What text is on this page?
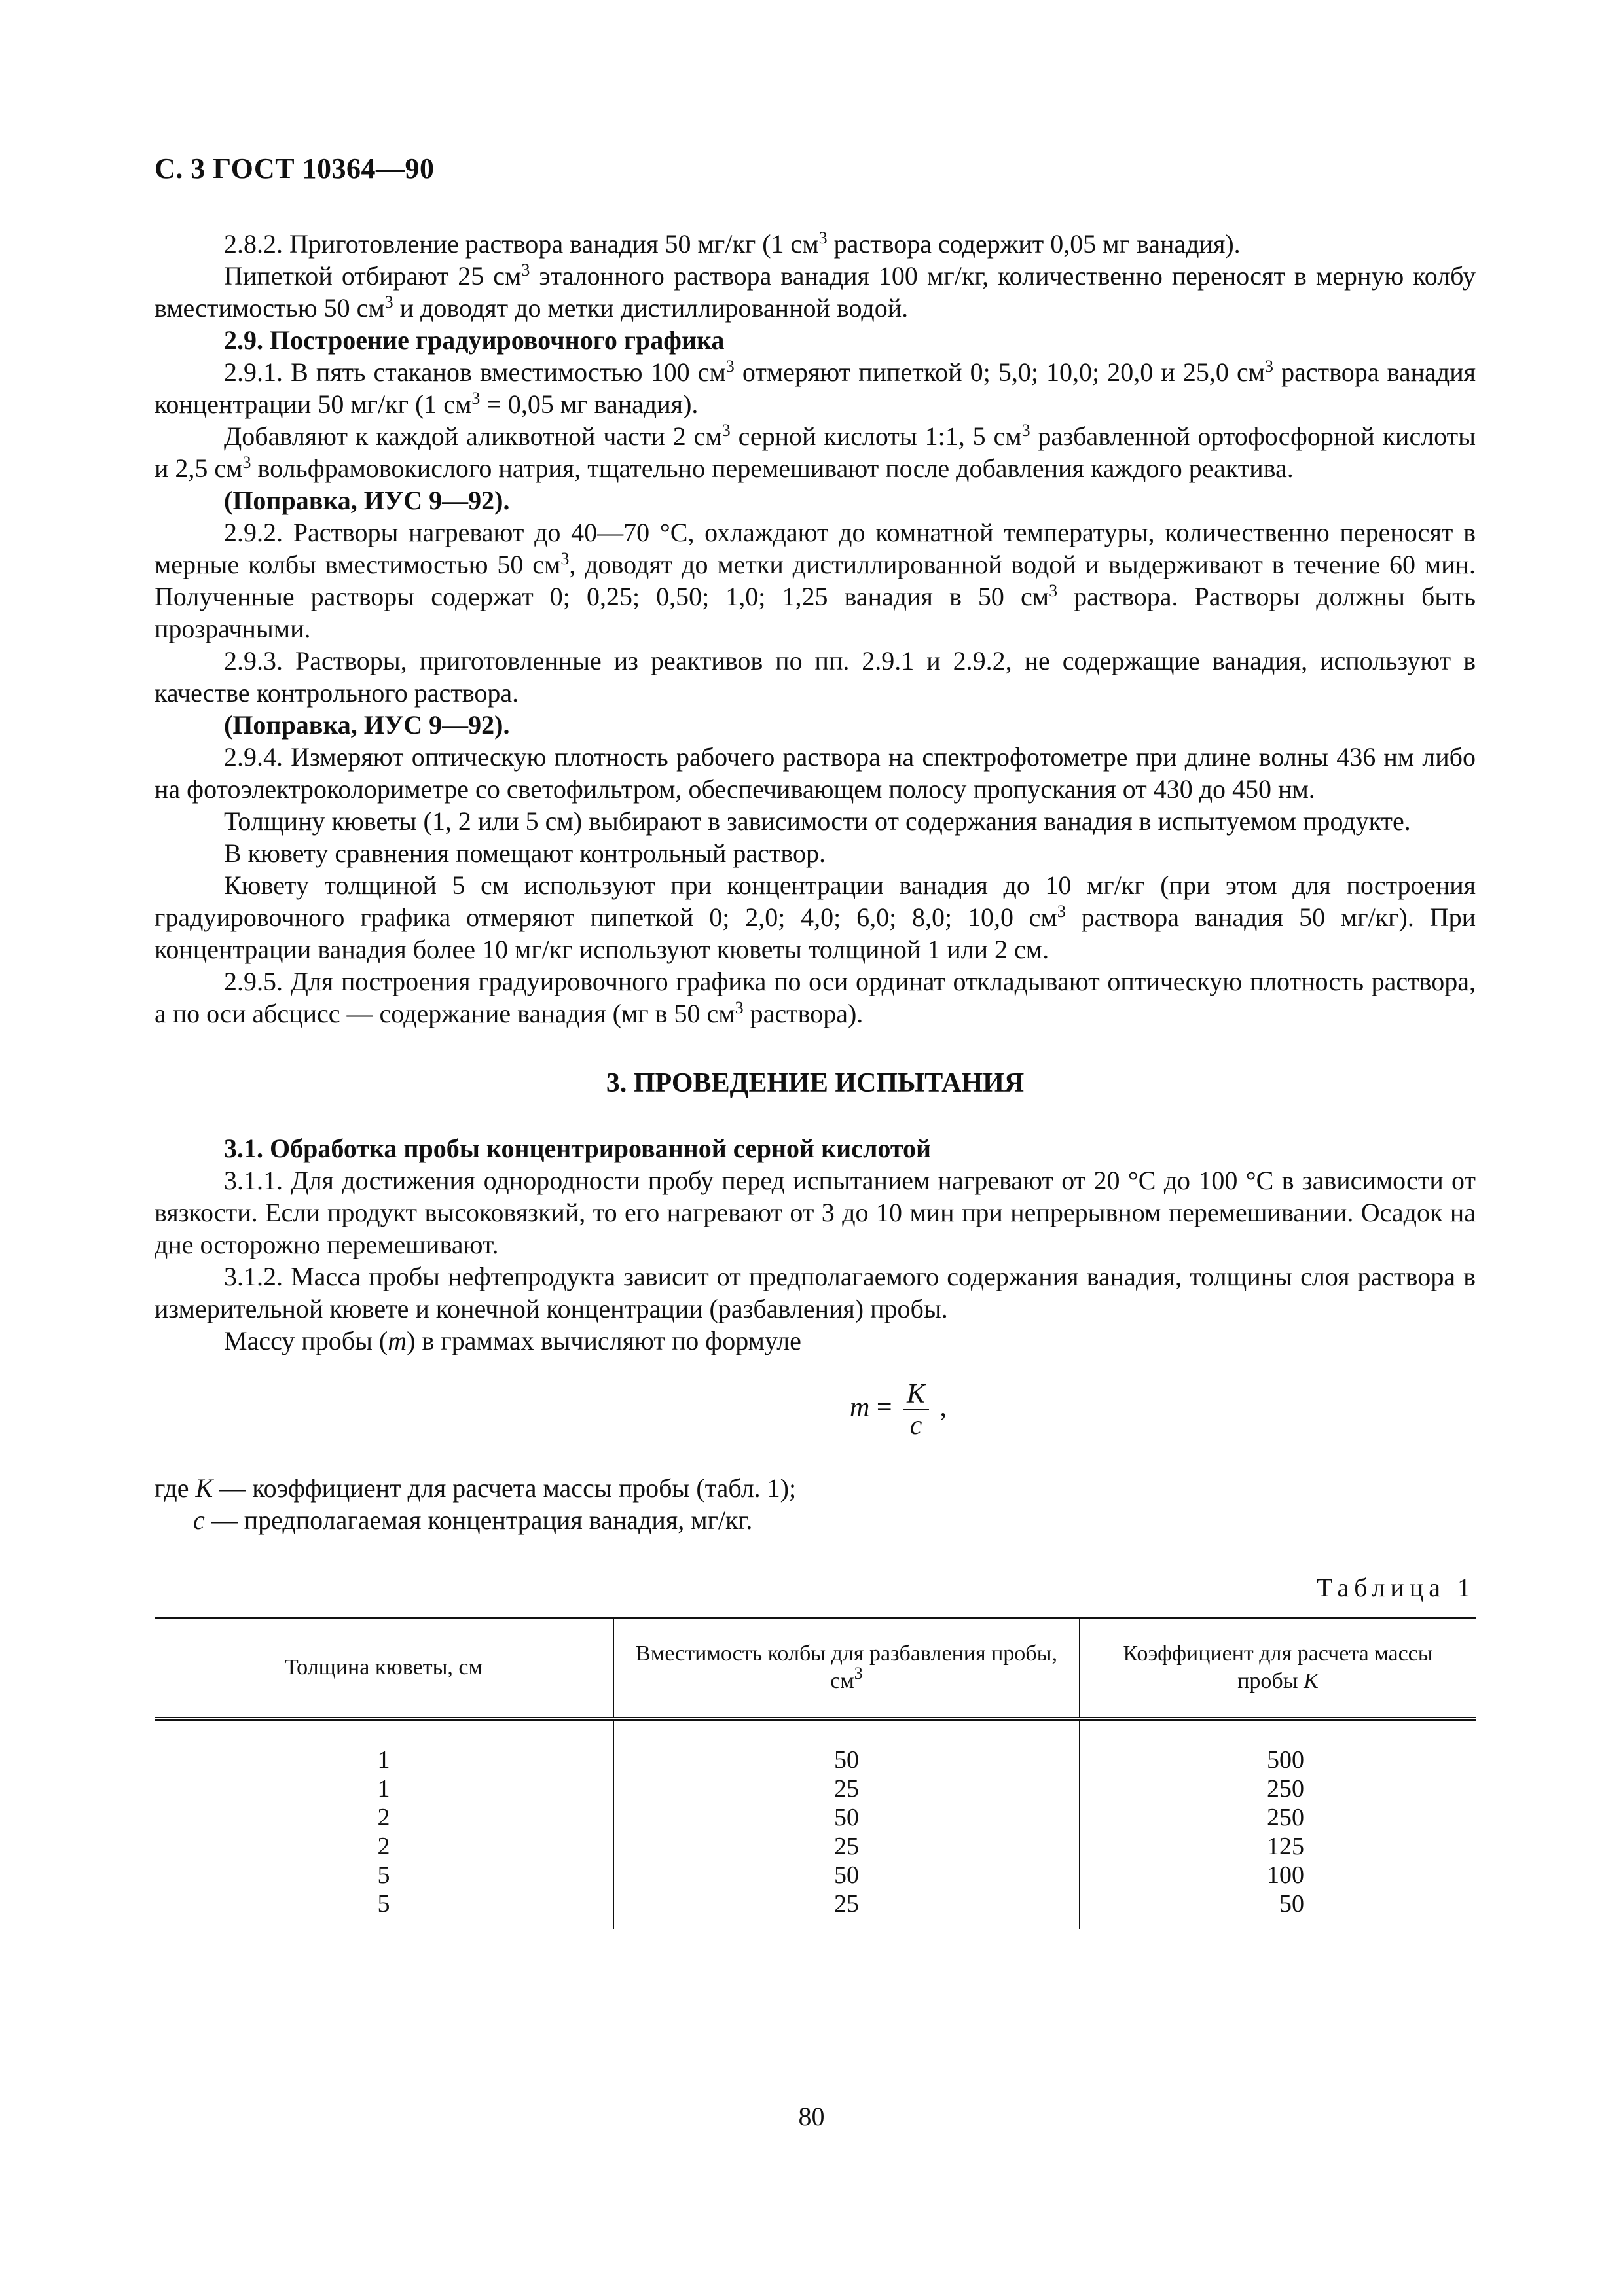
С. 3 ГОСТ 10364—90

2.8.2. Приготовление раствора ванадия 50 мг/кг (1 $см^3$ раствора содержит 0,05 мг ванадия).

Пипеткой отбирают 25 $см^3$ эталонного раствора ванадия 100 мг/кг, количественно переносят в мерную колбу вместимостью 50 $см^3$ и доводят до метки дистиллированной водой.

2.9. Построение градуировочного графика

2.9.1. В пять стаканов вместимостью 100 $см^3$ отмеряют пипеткой 0; 5,0; 10,0; 20,0 и 25,0 $см^3$ раствора ванадия концентрации 50 мг/кг (1 $см^3 = 0,05$ мг ванадия).

Добавляют к каждой аликвотной части 2 $см^3$ серной кислоты 1:1, 5 $см^3$ разбавленной ортофосфорной кислоты и 2,5 $см^3$ вольфрамовокислого натрия, тщательно перемешивают после добавления каждого реактива.

(Поправка, ИУС 9—92).

2.9.2. Растворы нагревают до 40—70 °С, охлаждают до комнатной температуры, количественно переносят в мерные колбы вместимостью 50 $см^3$, доводят до метки дистиллированной водой и выдерживают в течение 60 мин. Полученные растворы содержат 0; 0,25; 0,50; 1,0; 1,25 ванадия в 50 $см^3$ раствора. Растворы должны быть прозрачными.

2.9.3. Растворы, приготовленные из реактивов по пп. 2.9.1 и 2.9.2, не содержащие ванадия, используют в качестве контрольного раствора.

(Поправка, ИУС 9—92).

2.9.4. Измеряют оптическую плотность рабочего раствора на спектрофотометре при длине волны 436 нм либо на фотоэлектроколориметре со светофильтром, обеспечивающем полосу пропускания от 430 до 450 нм.

Толщину кюветы (1, 2 или 5 см) выбирают в зависимости от содержания ванадия в испытуемом продукте.

В кювету сравнения помещают контрольный раствор.

Кювету толщиной 5 см используют при концентрации ванадия до 10 мг/кг (при этом для построения градуировочного графика отмеряют пипеткой 0; 2,0; 4,0; 6,0; 8,0; 10,0 $см^3$ раствора ванадия 50 мг/кг). При концентрации ванадия более 10 мг/кг используют кюветы толщиной 1 или 2 см.

2.9.5. Для построения градуировочного графика по оси ординат откладывают оптическую плотность раствора, а по оси абсцисс — содержание ванадия (мг в 50 $см^3$ раствора).

3. ПРОВЕДЕНИЕ ИСПЫТАНИЯ

3.1. Обработка пробы концентрированной серной кислотой

3.1.1. Для достижения однородности пробу перед испытанием нагревают от 20 °С до 100 °С в зависимости от вязкости. Если продукт высоковязкий, то его нагревают от 3 до 10 мин при непрерывном перемешивании. Осадок на дне осторожно перемешивают.

3.1.2. Масса пробы нефтепродукта зависит от предполагаемого содержания ванадия, толщины слоя раствора в измерительной кювете и конечной концентрации (разбавления) пробы.

Массу пробы (m) в граммах вычисляют по формуле

$m = \frac{K}{c}$ ,

где K — коэффициент для расчета массы пробы (табл. 1);

c — предполагаемая концентрация ванадия, мг/кг.

Таблица 1

Толщина кюветы, см	Вместимость колбы для разбавления пробы, $см^3$	Коэффициент для расчета массы пробы K
1	50	500
1	25	250
2	50	250
2	25	125
5	50	100
5	25	50
80
